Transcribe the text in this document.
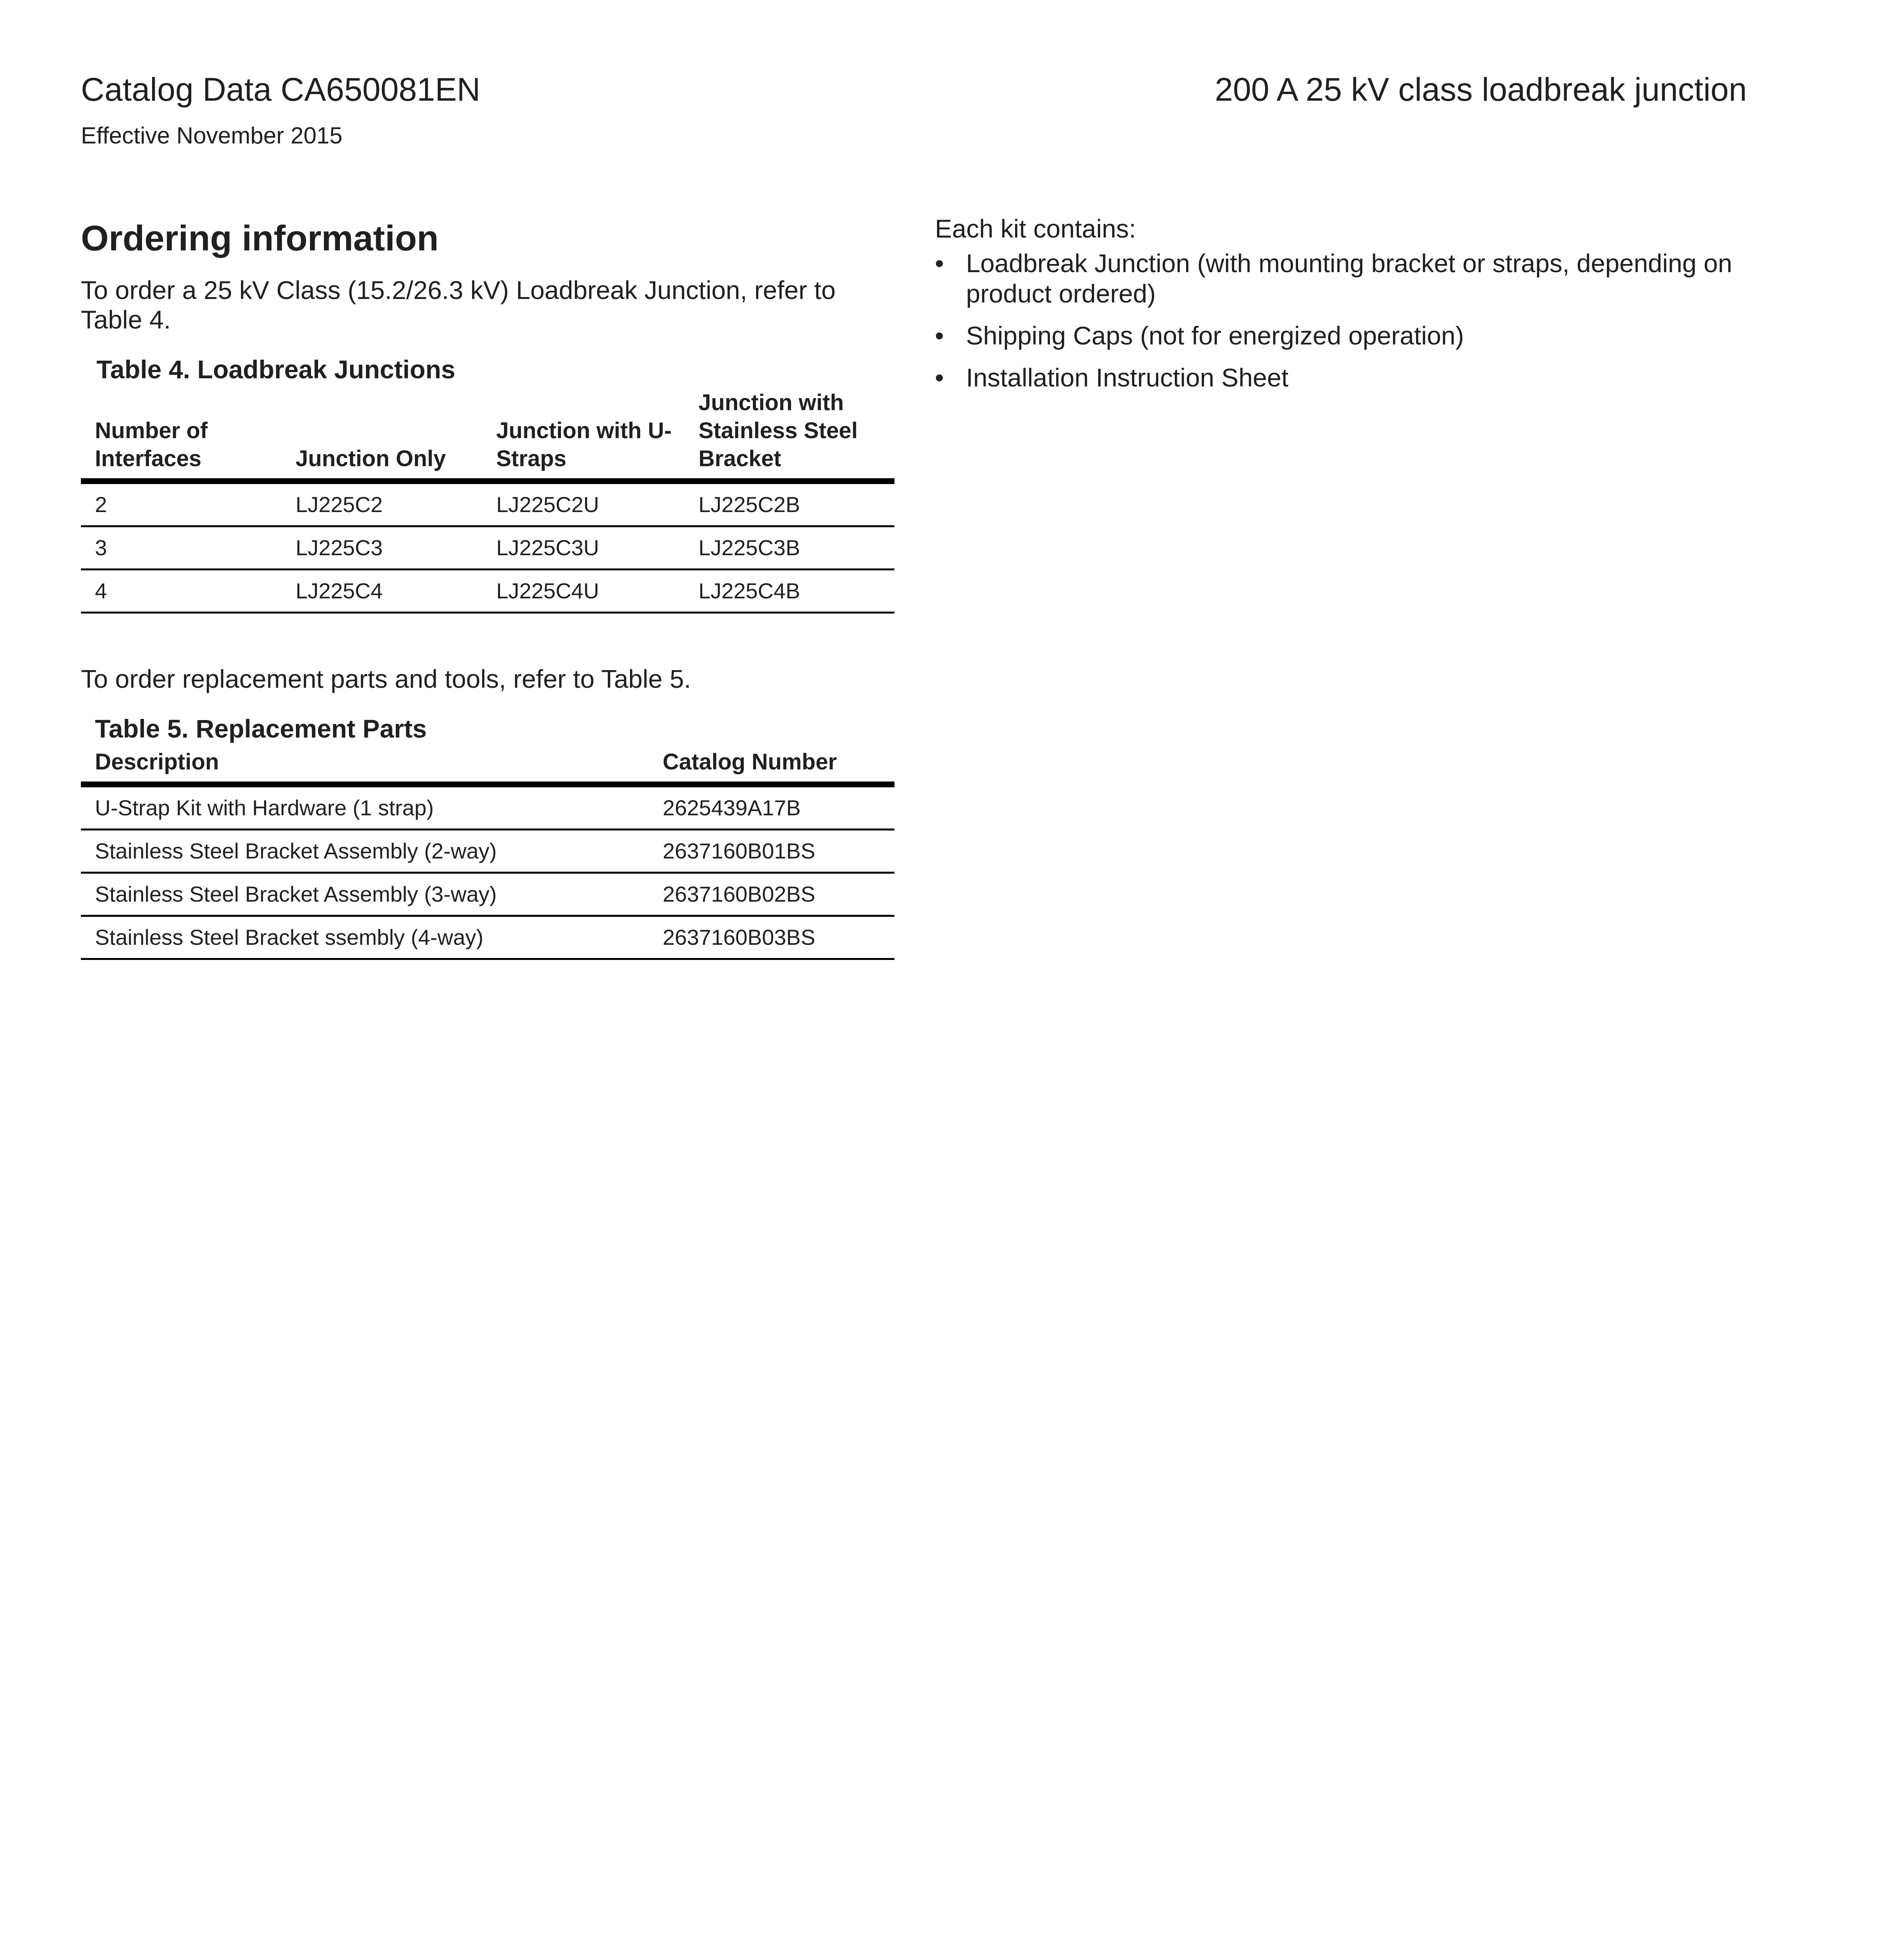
Catalog Data CA650081EN
Effective November 2015
200 A 25 kV class loadbreak junction
Ordering information

To order a 25 kV Class (15.2/26.3 kV) Loadbreak Junction, refer to Table 4.

Table 4. Loadbreak Junctions
Number of Interfaces	Junction Only	Junction with U-Straps	Junction with Stainless Steel Bracket
2	LJ225C2	LJ225C2U	LJ225C2B
3	LJ225C3	LJ225C3U	LJ225C3B
4	LJ225C4	LJ225C4U	LJ225C4B

To order replacement parts and tools, refer to Table 5.

Table 5. Replacement Parts
Description	Catalog Number
U-Strap Kit with Hardware (1 strap)	2625439A17B
Stainless Steel Bracket Assembly (2-way)	2637160B01BS
Stainless Steel Bracket Assembly (3-way)	2637160B02BS
Stainless Steel Bracket ssembly (4-way)	2637160B03BS

Each kit contains:

• Loadbreak Junction (with mounting bracket or straps, depending on product ordered)
• Shipping Caps (not for energized operation)
• Installation Instruction Sheet
